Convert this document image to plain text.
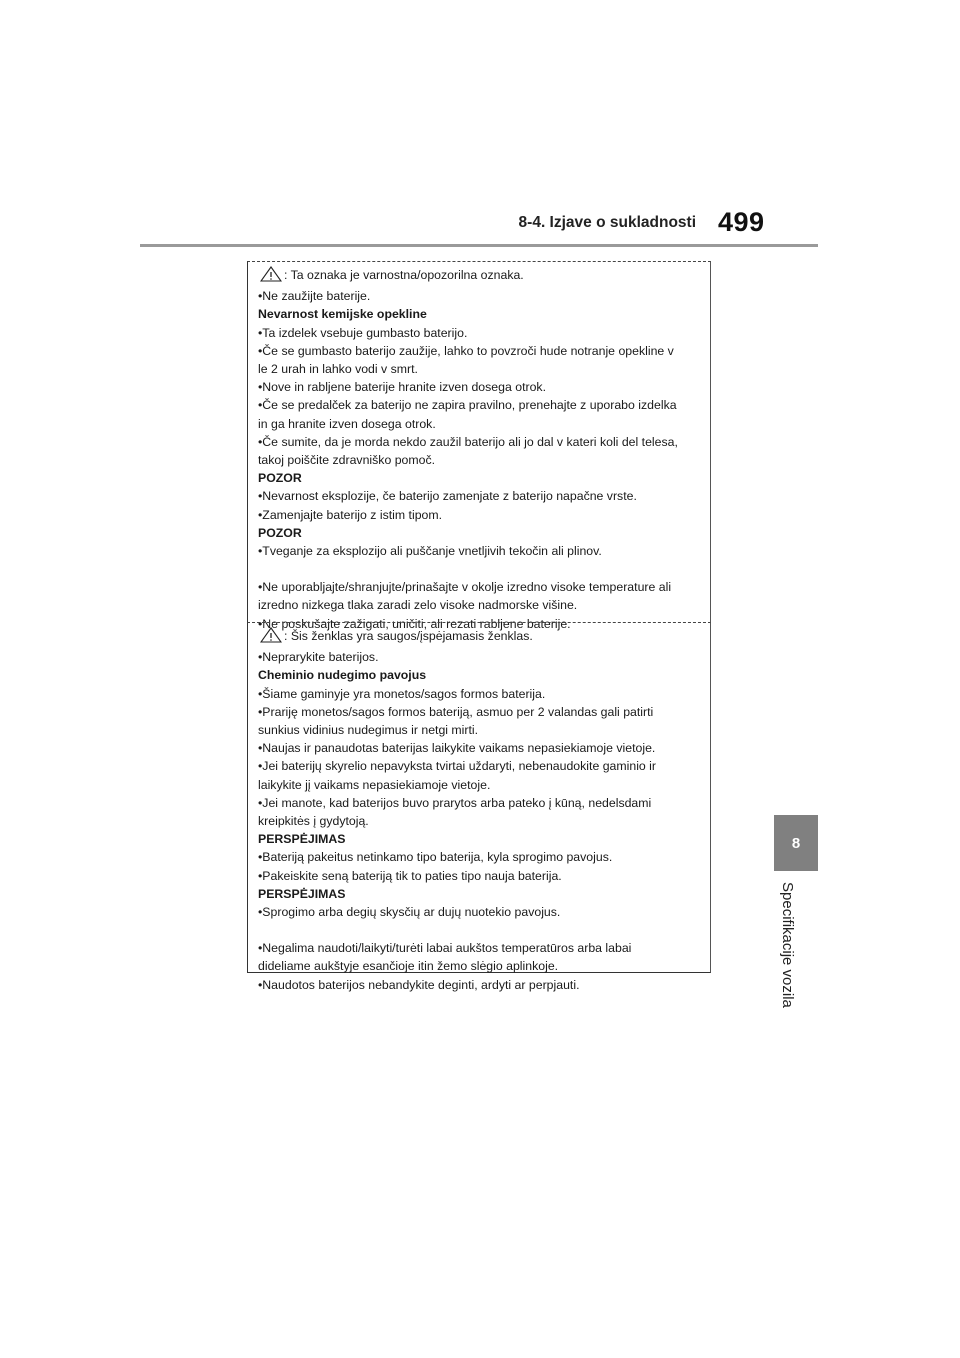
8-4. Izjave o sukladnosti 499
8
Specifikacije vozila
: Ta oznaka je varnostna/opozorilna oznaka.
•Ne zaužijte baterije.
Nevarnost kemijske opekline
•Ta izdelek vsebuje gumbasto baterijo.
•Če se gumbasto baterijo zaužije, lahko to povzroči hude notranje opekline v
le 2 urah in lahko vodi v smrt.
•Nove in rabljene baterije hranite izven dosega otrok.
•Če se predalček za baterijo ne zapira pravilno, prenehajte z uporabo izdelka
in ga hranite izven dosega otrok.
•Če sumite, da je morda nekdo zaužil baterijo ali jo dal v kateri koli del telesa,
takoj poiščite zdravniško pomoč.
POZOR
•Nevarnost eksplozije, če baterijo zamenjate z baterijo napačne vrste.
•Zamenjajte baterijo z istim tipom.
POZOR
•Tveganje za eksplozijo ali puščanje vnetljivih tekočin ali plinov.
•Ne uporabljajte/shranjujte/prinašajte v okolje izredno visoke temperature ali
izredno nizkega tlaka zaradi zelo visoke nadmorske višine.
•Ne poskušajte zažigati, uničiti, ali rezati rabljene baterije.
: Šis ženklas yra saugos/įspėjamasis ženklas.
•Neprarykite baterijos.
Cheminio nudegimo pavojus
•Šiame gaminyje yra monetos/sagos formos baterija.
•Prariję monetos/sagos formos bateriją, asmuo per 2 valandas gali patirti
sunkius vidinius nudegimus ir netgi mirti.
•Naujas ir panaudotas baterijas laikykite vaikams nepasiekiamoje vietoje.
•Jei baterijų skyrelio nepavyksta tvirtai uždaryti, nebenaudokite gaminio ir
laikykite jį vaikams nepasiekiamoje vietoje.
•Jei manote, kad baterijos buvo prarytos arba pateko į kūną, nedelsdami
kreipkitės į gydytoją.
PERSPĖJIMAS
•Bateriją pakeitus netinkamo tipo baterija, kyla sprogimo pavojus.
•Pakeiskite seną bateriją tik to paties tipo nauja baterija.
PERSPĖJIMAS
•Sprogimo arba degių skysčių ar dujų nuotekio pavojus.
•Negalima naudoti/laikyti/turėti labai aukštos temperatūros arba labai
dideliame aukštyje esančioje itin žemo slėgio aplinkoje.
•Naudotos baterijos nebandykite deginti, ardyti ar perpjauti.
